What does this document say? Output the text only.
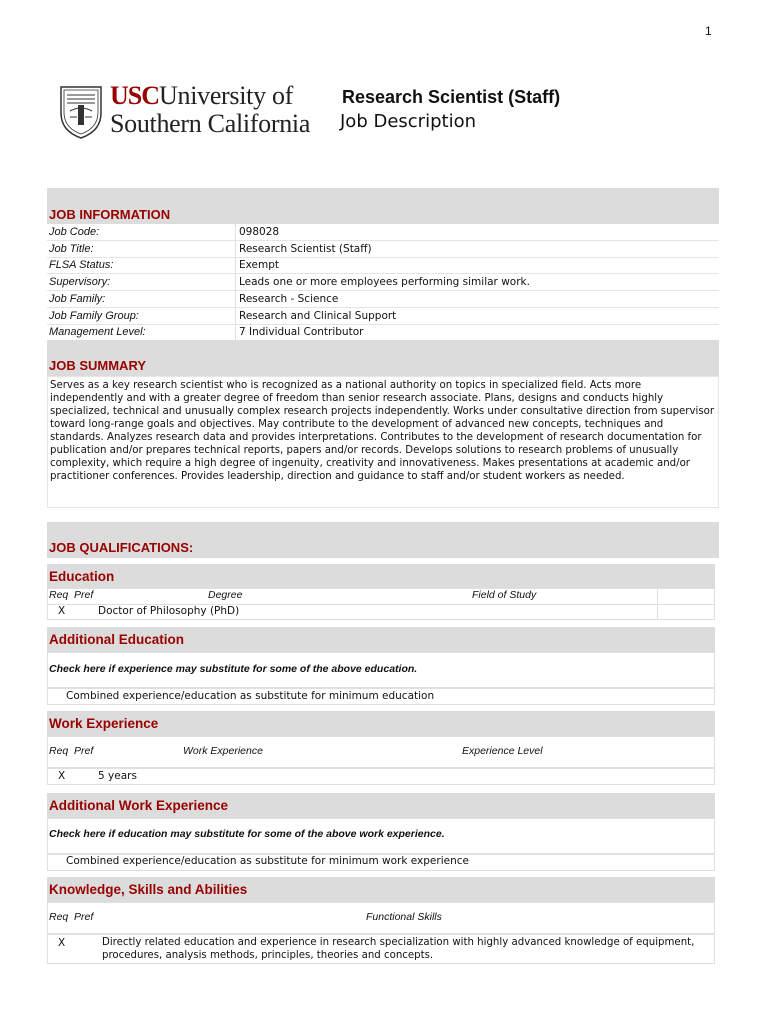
1
USCUniversity of
Southern California
Research Scientist (Staff)
Job Description
JOB INFORMATION
Job Code:	098028
Job Title:	Research Scientist (Staff)
FLSA Status:	Exempt
Supervisory:	Leads one or more employees performing similar work.
Job Family:	Research - Science
Job Family Group:	Research and Clinical Support
Management Level:	7 Individual Contributor
JOB SUMMARY

Serves as a key research scientist who is recognized as a national authority on topics in specialized field. Acts more independently and with a greater degree of freedom than senior research associate. Plans, designs and conducts highly specialized, technical and unusually complex research projects independently. Works under consultative direction from supervisor toward long-range goals and objectives. May contribute to the development of advanced new concepts, techniques and standards. Analyzes research data and provides interpretations. Contributes to the development of research documentation for publication and/or prepares technical reports, papers and/or records. Develops solutions to research problems of unusually complexity, which require a high degree of ingenuity, creativity and innovativeness. Makes presentations at academic and/or practitioner conferences. Provides leadership, direction and guidance to staff and/or student workers as needed.

JOB QUALIFICATIONS:
Education
Req Pref	Degree	Field of Study
X	Doctor of Philosophy (PhD)
Additional Education
Check here if experience may substitute for some of the above education.
Combined experience/education as substitute for minimum education
Work Experience
Req Pref	Work Experience	Experience Level
X	5 years
Additional Work Experience
Check here if education may substitute for some of the above work experience.
Combined experience/education as substitute for minimum work experience
Knowledge, Skills and Abilities
Req Pref	Functional Skills
X	Directly related education and experience in research specialization with highly advanced knowledge of equipment, procedures, analysis methods, principles, theories and concepts.
